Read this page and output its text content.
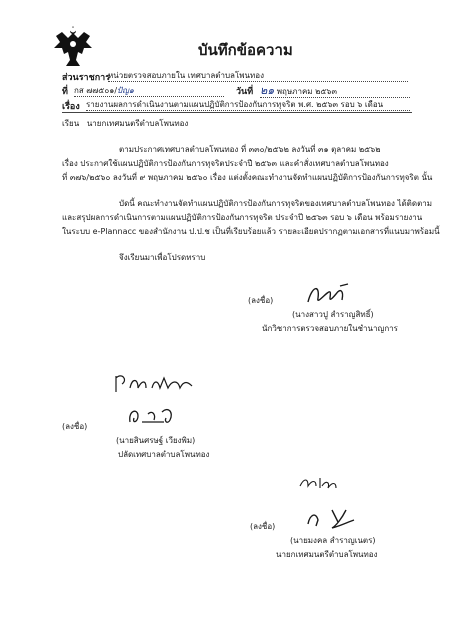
บันทึกข้อความ
ส่วนราชการ
หน่วยตรวจสอบภายใน เทศบาลตำบลโพนทอง
ที่ กส ๗๗๕๐๑/ปัญ๑	วันที่ ๒๑ พฤษภาคม ๒๕๖๓
เรื่อง รายงานผลการดำเนินงานตามแผนปฏิบัติการป้องกันการทุจริต พ.ศ. ๒๕๖๓ รอบ ๖ เดือน
เรียน นายกเทศมนตรีตำบลโพนทอง
ตามประกาศเทศบาลตำบลโพนทอง ที่ ๓๓๐/๒๕๖๒ ลงวันที่ ๓๑ ตุลาคม ๒๕๖๒
เรื่อง ประกาศใช้แผนปฏิบัติการป้องกันการทุจริตประจำปี ๒๕๖๓ และคำสั่งเทศบาลตำบลโพนทอง
ที่ ๓๗๖/๒๕๖๐ ลงวันที่ ๙ พฤษภาคม ๒๕๖๐ เรื่อง แต่งตั้งคณะทำงานจัดทำแผนปฏิบัติการป้องกันการทุจริต นั้น
บัดนี้ คณะทำงานจัดทำแผนปฏิบัติการป้องกันการทุจริตของเทศบาลตำบลโพนทอง ได้ติดตาม
และสรุปผลการดำเนินการตามแผนปฏิบัติการป้องกันการทุจริต ประจำปี ๒๕๖๓ รอบ ๖ เดือน พร้อมรายงาน
ในระบบ e-Plannacc ของสำนักงาน ป.ป.ช เป็นที่เรียบร้อยแล้ว รายละเอียดปรากฏตามเอกสารที่แนบมาพร้อมนี้
จึงเรียนมาเพื่อโปรดทราบ
(ลงชื่อ)
(นางสาวปู สำราญสิทธิ์)
นักวิชาการตรวจสอบภายในชำนาญการ
(ลงชื่อ)
(นายสินศรษฐ์ เวียงพิม)
ปลัดเทศบาลตำบลโพนทอง
(ลงชื่อ)
(นายมงคล สำราญเนตร)
นายกเทศมนตรีตำบลโพนทอง
